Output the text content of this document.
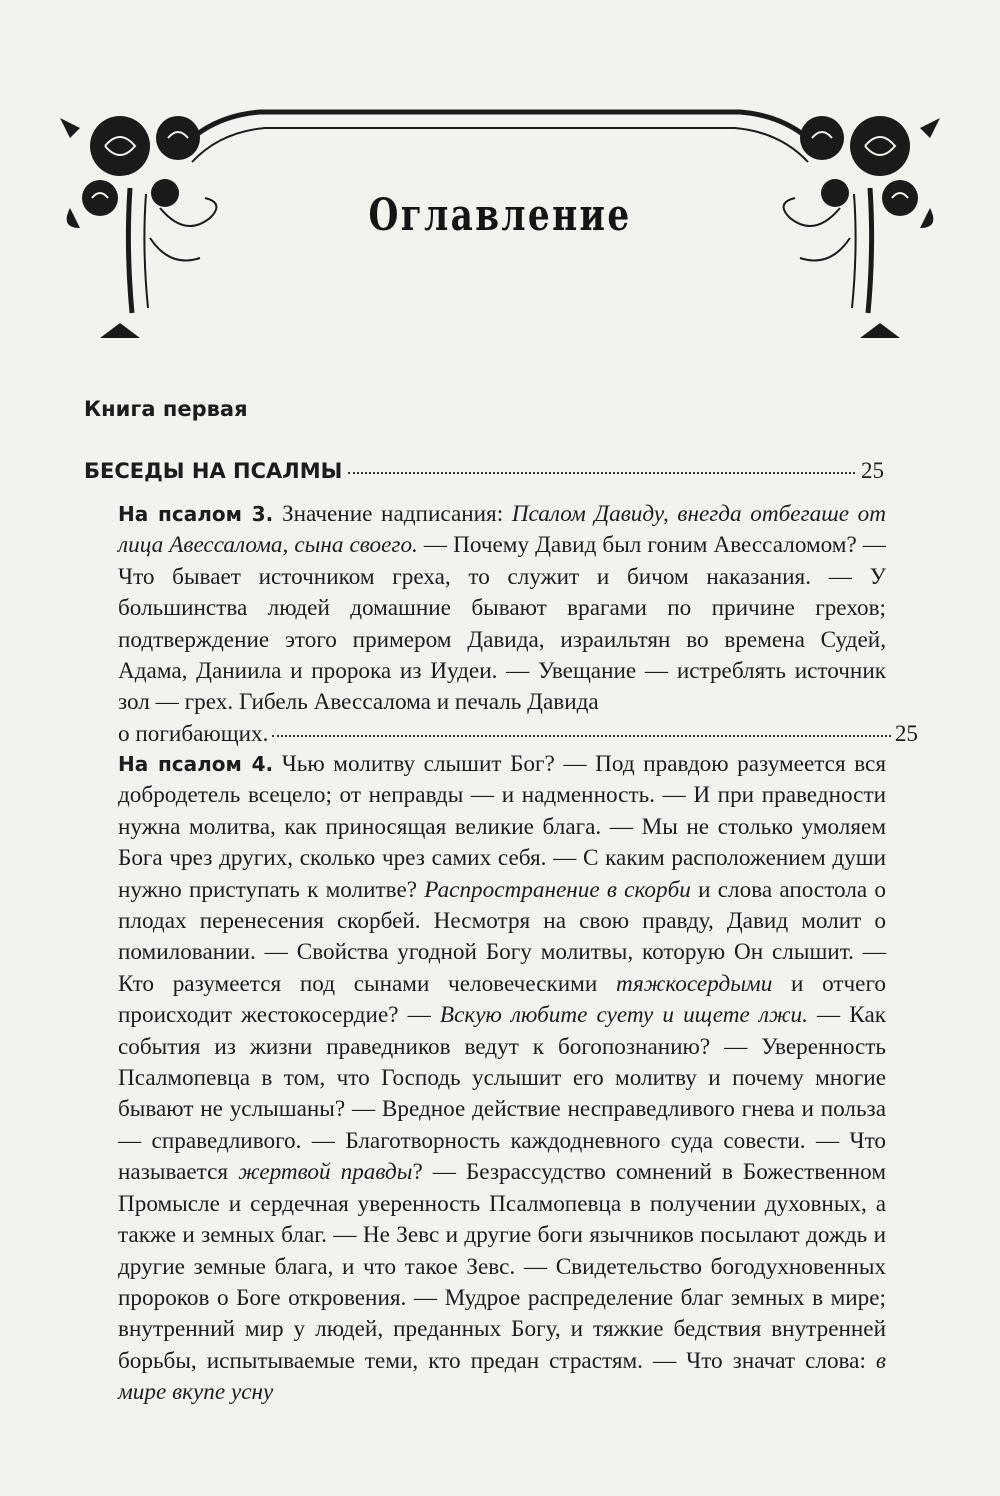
Оглавление
Книга первая
БЕСЕДЫ НА ПСАЛМЫ	25
На псалом 3. Значение надписания: Псалом Давиду, внегда отбегаше от лица Авессалома, сына своего. — Почему Давид был гоним Авессаломом? — Что бывает источником греха, то служит и бичом наказания. — У большинства людей домашние бывают врагами по причине грехов; подтверждение этого примером Давида, израильтян во времена Судей, Адама, Даниила и пророка из Иудеи. — Увещание — истреблять источник зол — грех. Гибель Авессалома и печаль Давида
о погибающих.	25
На псалом 4. Чью молитву слышит Бог? — Под правдою разумеется вся добродетель всецело; от неправды — и надменность. — И при праведности нужна молитва, как приносящая великие блага. — Мы не столько умоляем Бога чрез других, сколько чрез самих себя. — С каким расположением души нужно приступать к молитве? Распространение в скорби и слова апостола о плодах перенесения скорбей. Несмотря на свою правду, Давид молит о помиловании. — Свойства угодной Богу молитвы, которую Он слышит. — Кто разумеется под сынами человеческими тяжкосердыми и отчего происходит жестокосердие? — Вскую любите суету и ищете лжи. — Как события из жизни праведников ведут к богопознанию? — Уверенность Псалмопевца в том, что Господь услышит его молитву и почему многие бывают не услышаны? — Вредное действие несправедливого гнева и польза — справедливого. — Благотворность каждодневного суда совести. — Что называется жертвой правды? — Безрассудство сомнений в Божественном Промысле и сердечная уверенность Псалмопевца в получении духовных, а также и земных благ. — Не Зевс и другие боги язычников посылают дождь и другие земные блага, и что такое Зевс. — Свидетельство богодухновенных пророков о Боге откровения. — Мудрое распределение благ земных в мире; внутренний мир у людей, преданных Богу, и тяжкие бедствия внутренней борьбы, испытываемые теми, кто предан страстям. — Что значат слова: в мире вкупе усну
